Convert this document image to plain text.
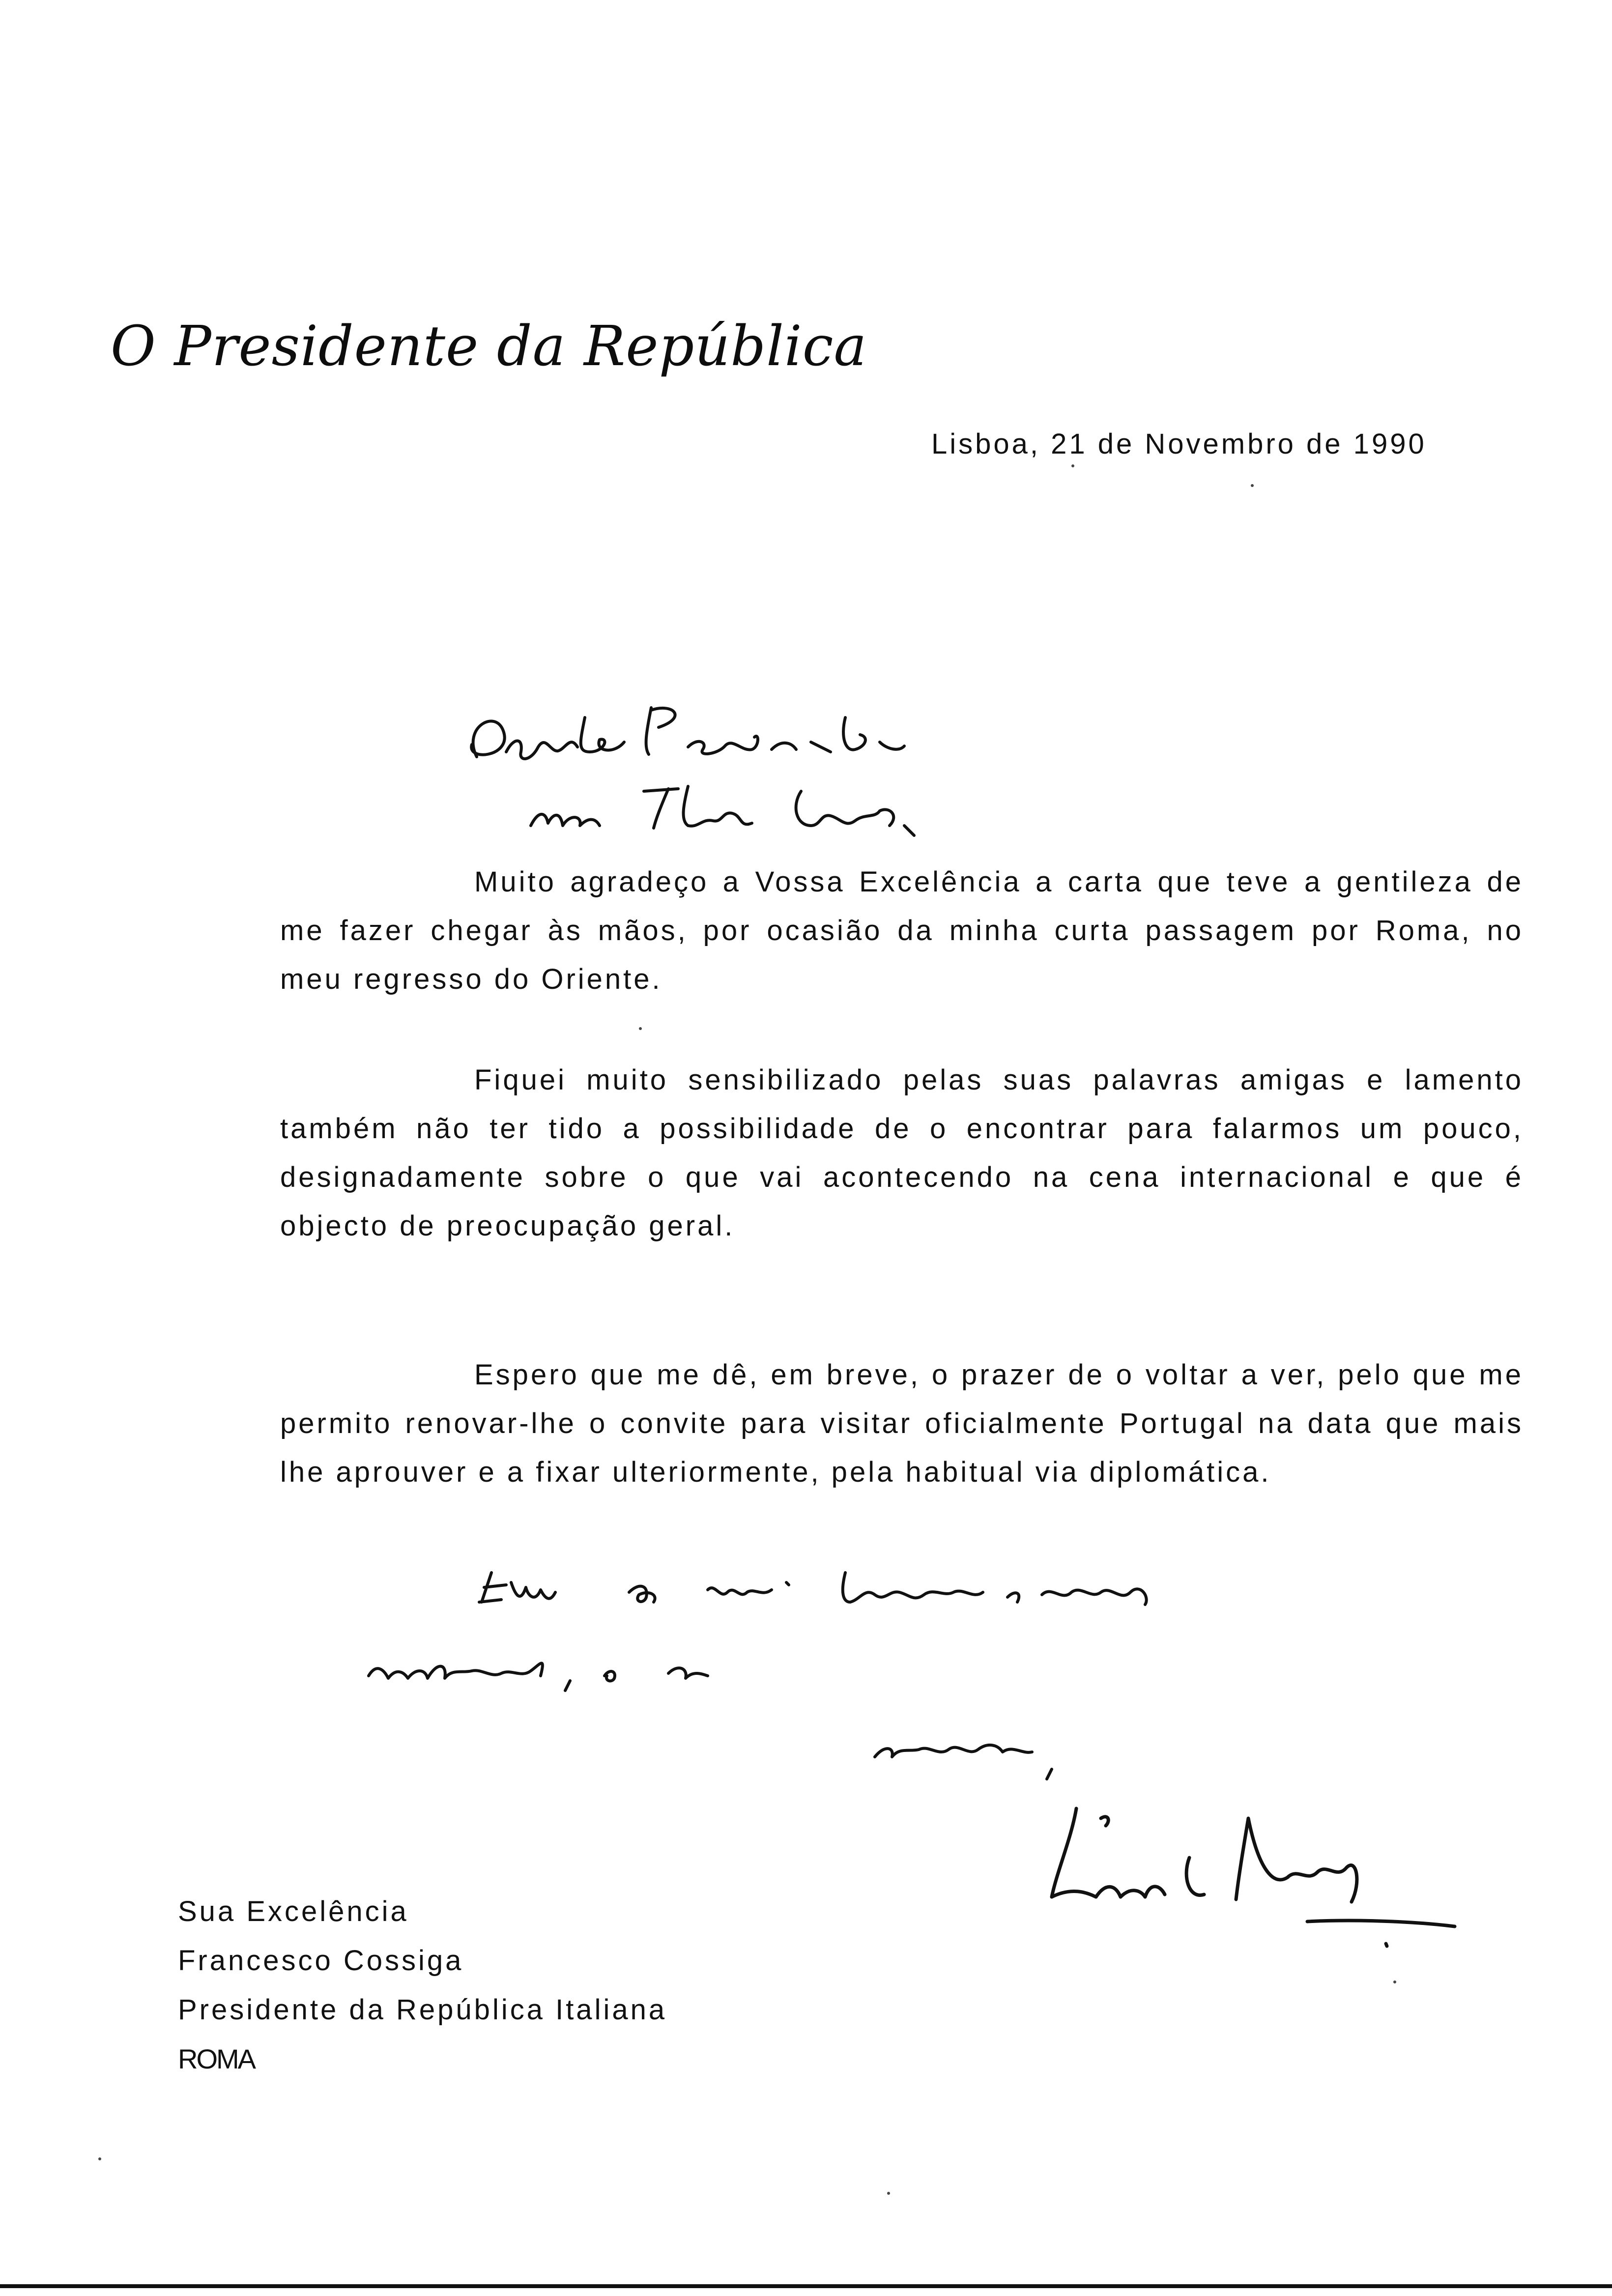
O Presidente da República
Lisboa, 21 de Novembro de 1990
Muito agradeço a Vossa Excelência a carta que teve a gentileza de me fazer chegar às mãos, por ocasião da minha curta passagem por Roma, no meu regresso do Oriente.
Fiquei muito sensibilizado pelas suas palavras amigas e lamento também não ter tido a possibilidade de o encontrar para falarmos um pouco, designadamente sobre o que vai acontecendo na cena internacional e que é objecto de preocupação geral.
Espero que me dê, em breve, o prazer de o voltar a ver, pelo que me permito renovar-lhe o convite para visitar oficialmente Portugal na data que mais lhe aprouver e a fixar ulteriormente, pela habitual via diplomática.
Sua Excelência
Francesco Cossiga
Presidente da República Italiana
ROMA
